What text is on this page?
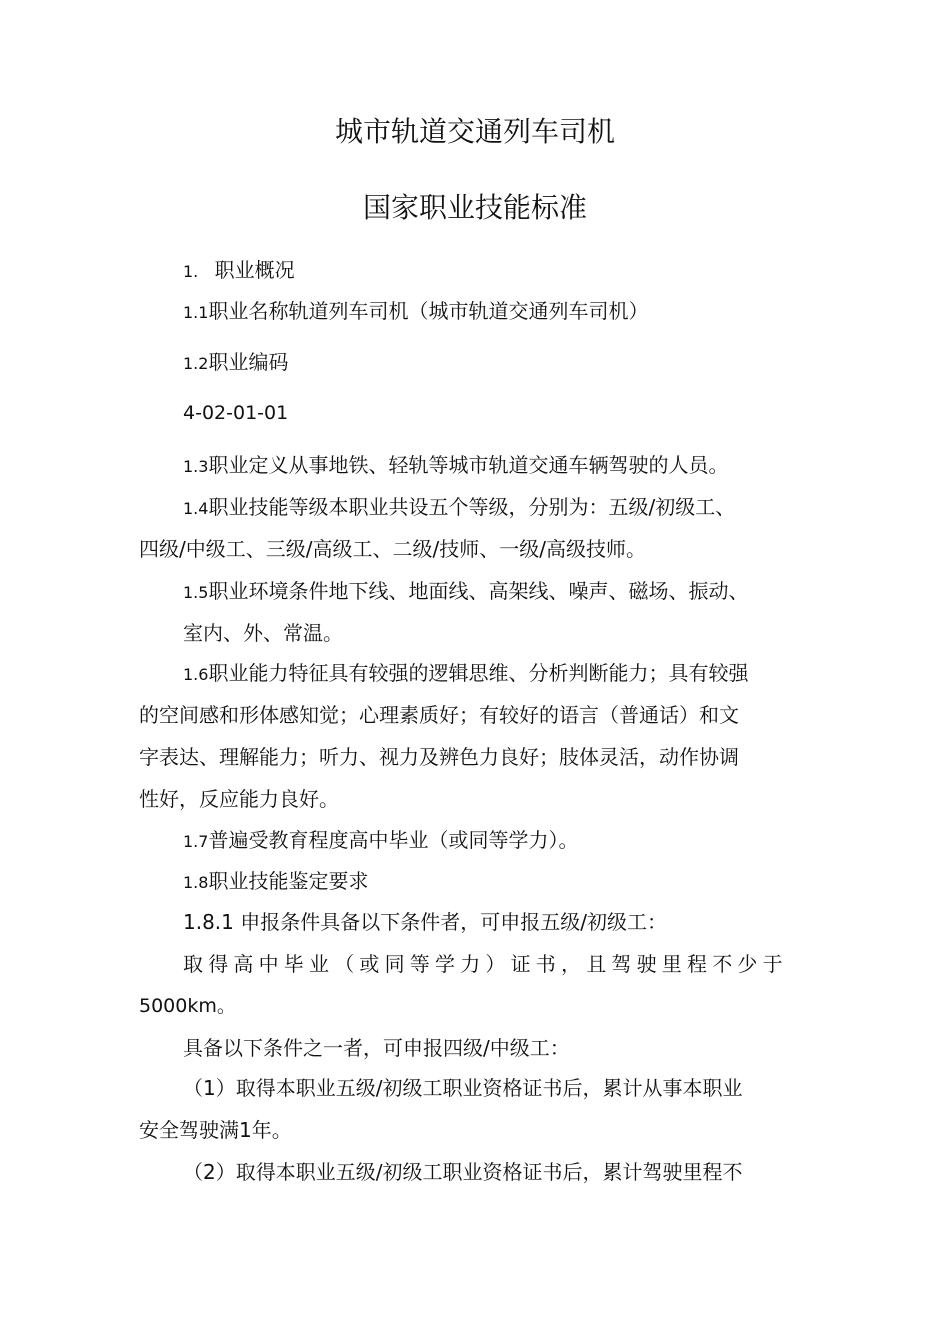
城市轨道交通列车司机
国家职业技能标准
1. 职业概况
1.1职业名称轨道列车司机（城市轨道交通列车司机）
1.2职业编码
4-02-01-01
1.3职业定义从事地铁、轻轨等城市轨道交通车辆驾驶的人员。
1.4职业技能等级本职业共设五个等级，分别为：五级/初级工、
四级/中级工、三级/高级工、二级/技师、一级/高级技师。
1.5职业环境条件地下线、地面线、高架线、噪声、磁场、振动、
室内、外、常温。
1.6职业能力特征具有较强的逻辑思维、分析判断能力；具有较强
的空间感和形体感知觉；心理素质好；有较好的语言（普通话）和文
字表达、理解能力；听力、视力及辨色力良好；肢体灵活，动作协调
性好，反应能力良好。
1.7普遍受教育程度高中毕业（或同等学力）。
1.8职业技能鉴定要求
1.8.1 申报条件具备以下条件者，可申报五级/初级工：
取得高中毕业（或同等学力）证书，且驾驶里程不少于
5000km。
具备以下条件之一者，可申报四级/中级工：
（1）取得本职业五级/初级工职业资格证书后，累计从事本职业
安全驾驶满1年。
（2）取得本职业五级/初级工职业资格证书后，累计驾驶里程不
